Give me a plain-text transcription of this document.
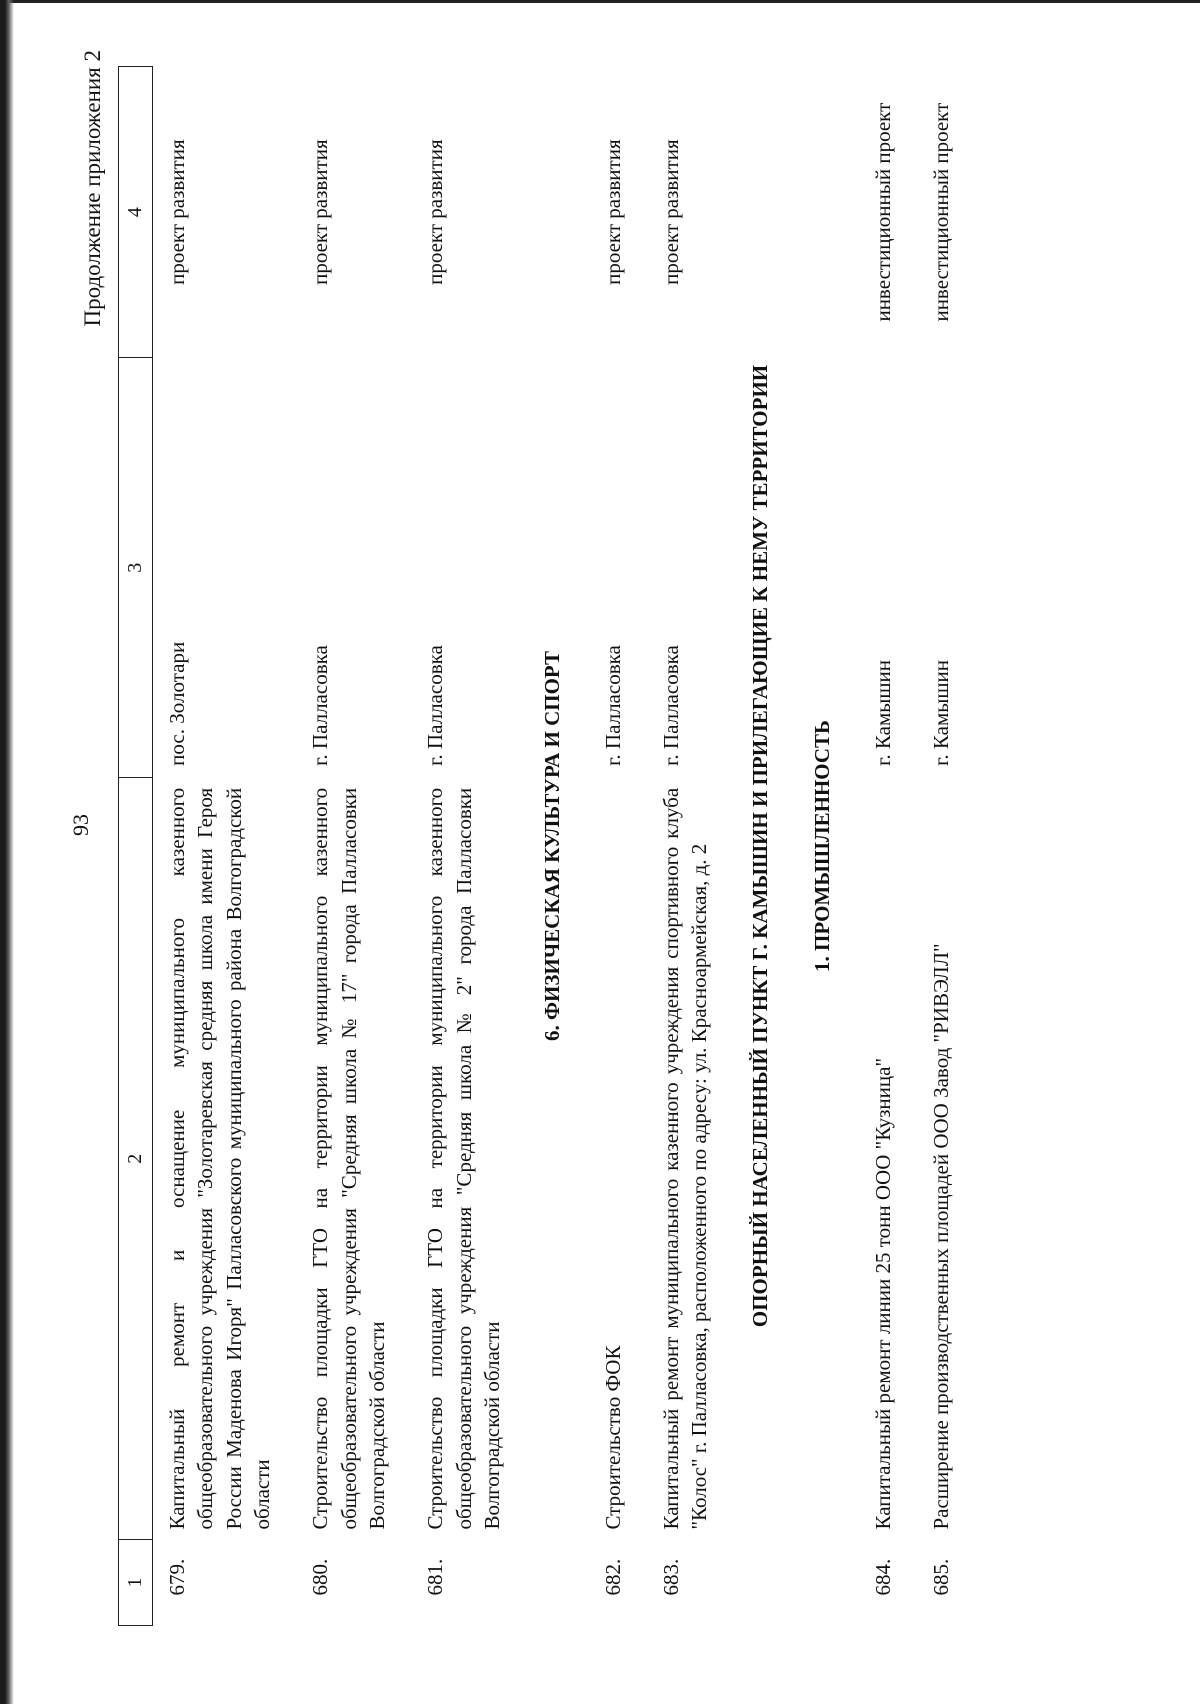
93
Продолжение приложения 2
1	2	3	4
679.	Капитальный ремонт и оснащение муниципального казенного общеобразовательного учреждения "Золотаревская средняя школа имени Героя России Маденова Игоря" Палласовского муниципального района Волгоградской области	пос. Золотари	проект развития
680.	Строительство площадки ГТО на территории муниципального казенного общеобразовательного учреждения "Средняя школа № 17" города Палласовки Волгоградской области	г. Палласовка	проект развития
681.	Строительство площадки ГТО на территории муниципального казенного общеобразовательного учреждения "Средняя школа № 2" города Палласовки Волгоградской области	г. Палласовка	проект развития
6. ФИЗИЧЕСКАЯ КУЛЬТУРА И СПОРТ			
682.	Строительство ФОК	г. Палласовка	проект развития
683.	Капитальный ремонт муниципального казенного учреждения спортивного клуба "Колос" г. Палласовка, расположенного по адресу: ул. Красноармейская, д. 2	г. Палласовка	проект развития
ОПОРНЫЙ НАСЕЛЕННЫЙ ПУНКТ Г. КАМЫШИН И ПРИЛЕГАЮЩИЕ К НЕМУ ТЕРРИТОРИИ			
1. ПРОМЫШЛЕННОСТЬ			
684.	Капитальный ремонт линии 25 тонн ООО "Кузница"	г. Камышин	инвестиционный проект
685.	Расширение производственных площадей ООО Завод "РИВЭЛЛ"	г. Камышин	инвестиционный проект
